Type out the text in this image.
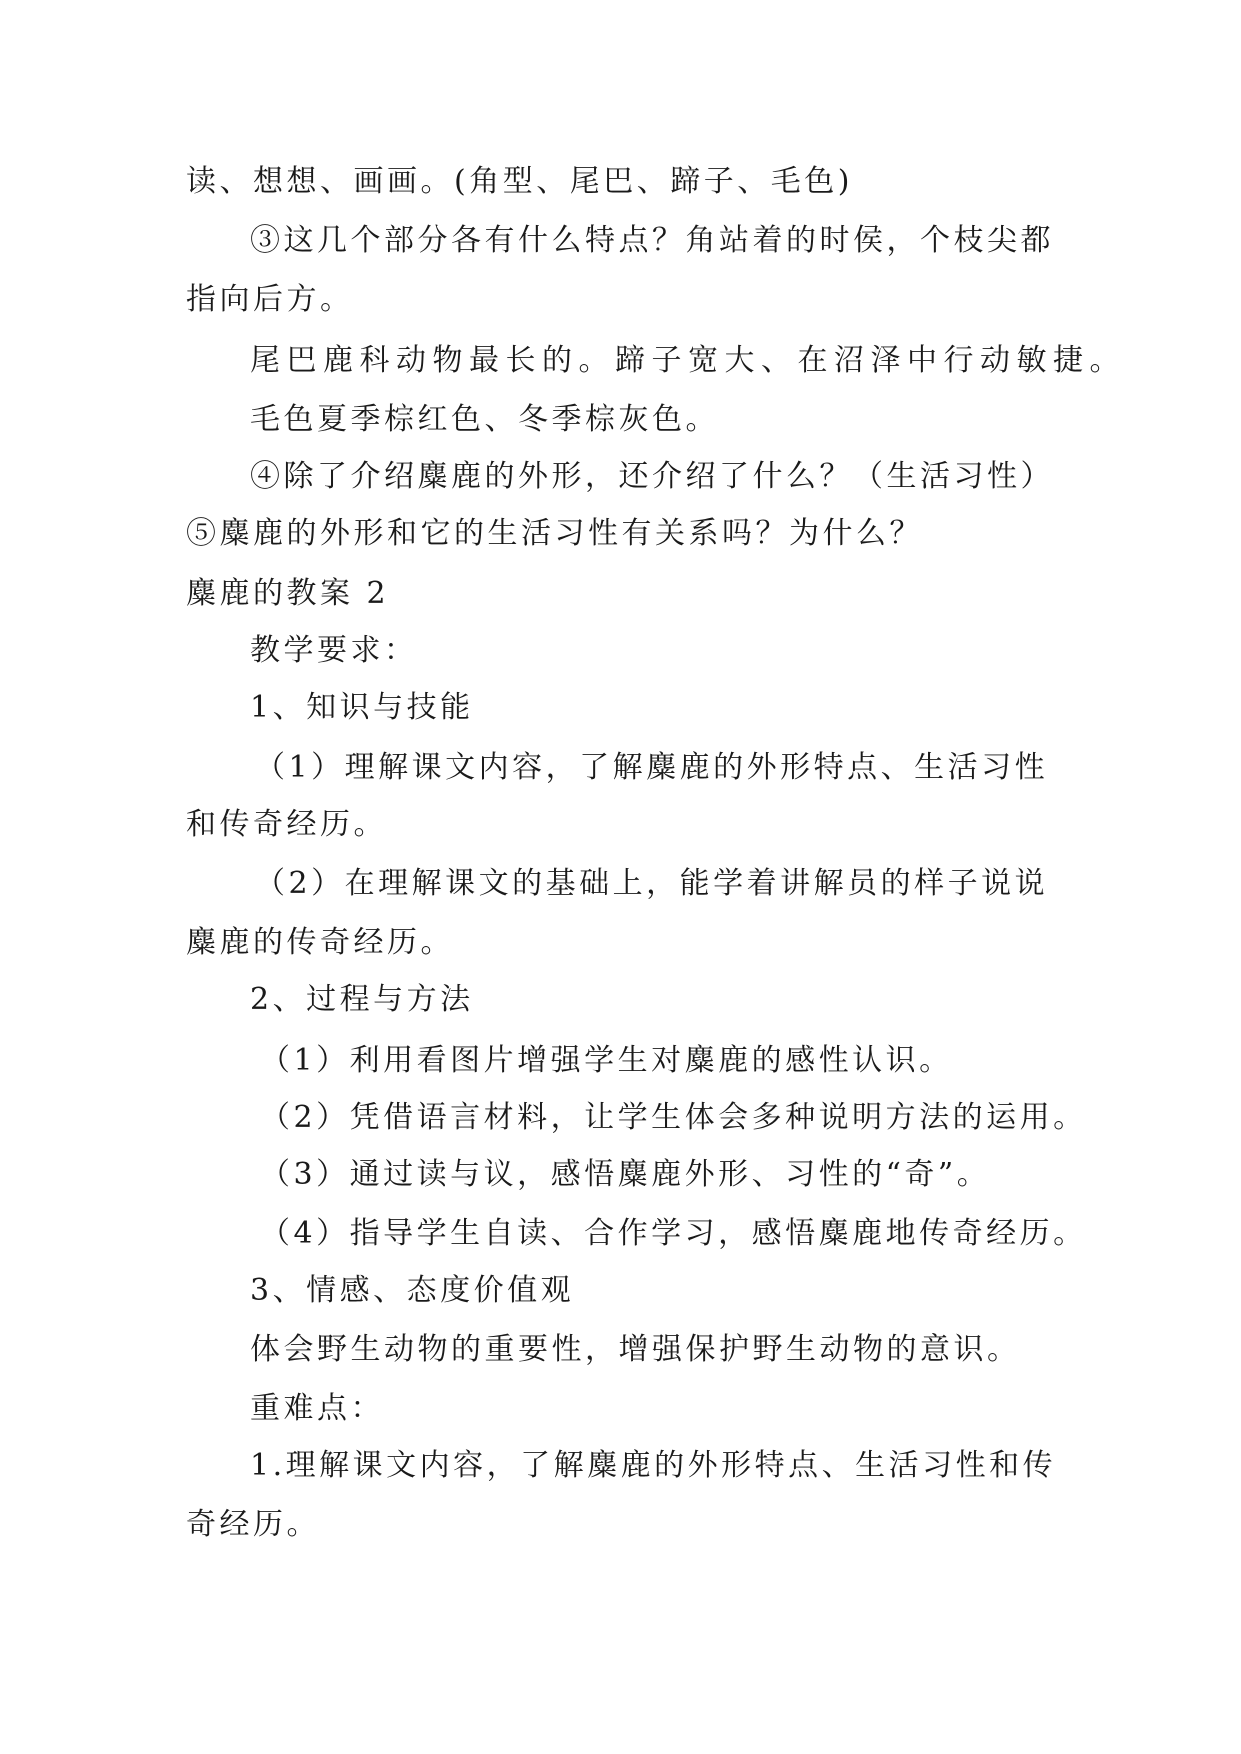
读、想想、画画。(角型、尾巴、蹄子、毛色)
③这几个部分各有什么特点？角站着的时侯，个枝尖都
指向后方。
尾巴鹿科动物最长的。蹄子宽大、在沼泽中行动敏捷。
毛色夏季棕红色、冬季棕灰色。
④除了介绍麋鹿的外形，还介绍了什么？（生活习性）
⑤麋鹿的外形和它的生活习性有关系吗？为什么？
麋鹿的教案 2
教学要求：
1、知识与技能
（1）理解课文内容，了解麋鹿的外形特点、生活习性
和传奇经历。
（2）在理解课文的基础上，能学着讲解员的样子说说
麋鹿的传奇经历。
2、过程与方法
（1）利用看图片增强学生对麋鹿的感性认识。
（2）凭借语言材料，让学生体会多种说明方法的运用。
（3）通过读与议，感悟麋鹿外形、习性的“奇”。
（4）指导学生自读、合作学习，感悟麋鹿地传奇经历。
3、情感、态度价值观
体会野生动物的重要性，增强保护野生动物的意识。
重难点：
1.理解课文内容，了解麋鹿的外形特点、生活习性和传
奇经历。
